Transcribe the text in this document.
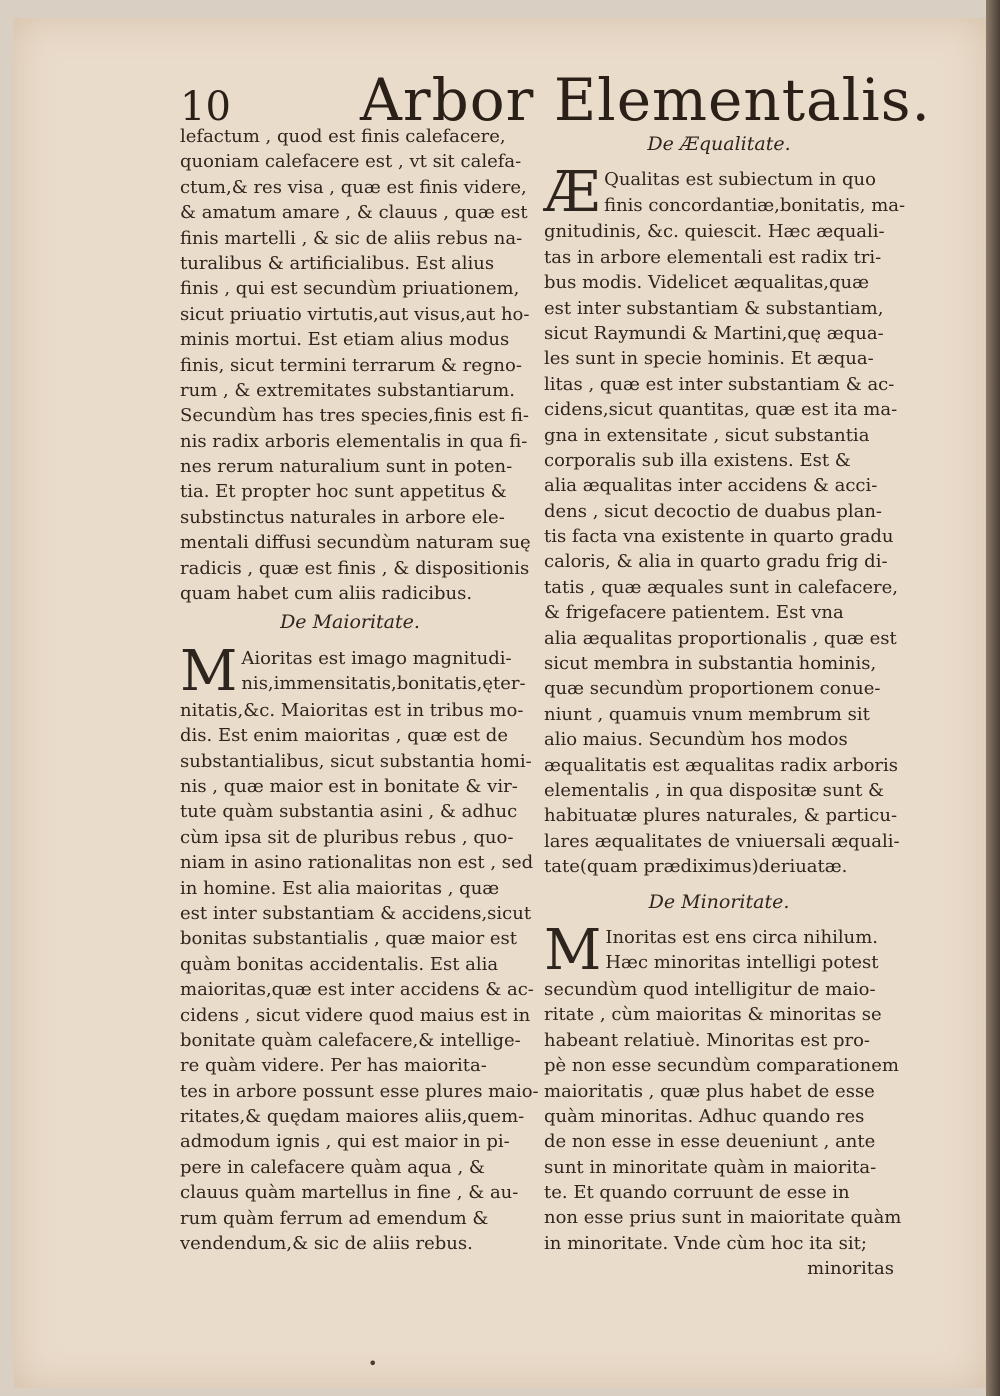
10 Arbor Elementalis.
lefactum , quod est finis calefacere,
quoniam calefacere est , vt sit calefa-
ctum,& res visa , quæ est finis videre,
& amatum amare , & clauus , quæ est
finis martelli , & sic de aliis rebus na-
turalibus & artificialibus. Est alius
finis , qui est secundùm priuationem,
sicut priuatio virtutis,aut visus,aut ho-
minis mortui. Est etiam alius modus
finis, sicut termini terrarum & regno-
rum , & extremitates substantiarum.
Secundùm has tres species,finis est fi-
nis radix arboris elementalis in qua fi-
nes rerum naturalium sunt in poten-
tia. Et propter hoc sunt appetitus &
substinctus naturales in arbore ele-
mentali diffusi secundùm naturam suę
radicis , quæ est finis , & dispositionis
quam habet cum aliis radicibus.
De Maioritate.
M Aioritas est imago magnitudi-
nis,immensitatis,bonitatis,ęter-
nitatis,&c. Maioritas est in tribus mo-
dis. Est enim maioritas , quæ est de
substantialibus, sicut substantia homi-
nis , quæ maior est in bonitate & vir-
tute quàm substantia asini , & adhuc
cùm ipsa sit de pluribus rebus , quo-
niam in asino rationalitas non est , sed
in homine. Est alia maioritas , quæ
est inter substantiam & accidens,sicut
bonitas substantialis , quæ maior est
quàm bonitas accidentalis. Est alia
maioritas,quæ est inter accidens & ac-
cidens , sicut videre quod maius est in
bonitate quàm calefacere,& intellige-
re quàm videre. Per has maiorita-
tes in arbore possunt esse plures maio-
ritates,& quędam maiores aliis,quem-
admodum ignis , qui est maior in pi-
pere in calefacere quàm aqua , &
clauus quàm martellus in fine , & au-
rum quàm ferrum ad emendum &
vendendum,& sic de aliis rebus.
De Æqualitate.
Æ Qualitas est subiectum in quo
finis concordantiæ,bonitatis, ma-
gnitudinis, &c. quiescit. Hæc æquali-
tas in arbore elementali est radix tri-
bus modis. Videlicet æqualitas,quæ
est inter substantiam & substantiam,
sicut Raymundi & Martini,quę æqua-
les sunt in specie hominis. Et æqua-
litas , quæ est inter substantiam & ac-
cidens,sicut quantitas, quæ est ita ma-
gna in extensitate , sicut substantia
corporalis sub illa existens. Est &
alia æqualitas inter accidens & acci-
dens , sicut decoctio de duabus plan-
tis facta vna existente in quarto gradu
caloris, & alia in quarto gradu frig di-
tatis , quæ æquales sunt in calefacere,
& frigefacere patientem. Est vna
alia æqualitas proportionalis , quæ est
sicut membra in substantia hominis,
quæ secundùm proportionem conue-
niunt , quamuis vnum membrum sit
alio maius. Secundùm hos modos
æqualitatis est æqualitas radix arboris
elementalis , in qua dispositæ sunt &
habituatæ plures naturales, & particu-
lares æqualitates de vniuersali æquali-
tate(quam prædiximus)deriuatæ.
De Minoritate.
M Inoritas est ens circa nihilum.
Hæc minoritas intelligi potest
secundùm quod intelligitur de maio-
ritate , cùm maioritas & minoritas se
habeant relatiuè. Minoritas est pro-
pè non esse secundùm comparationem
maioritatis , quæ plus habet de esse
quàm minoritas. Adhuc quando res
de non esse in esse deueniunt , ante
sunt in minoritate quàm in maiorita-
te. Et quando corruunt de esse in
non esse prius sunt in maioritate quàm
in minoritate. Vnde cùm hoc ita sit;
minoritas
•
